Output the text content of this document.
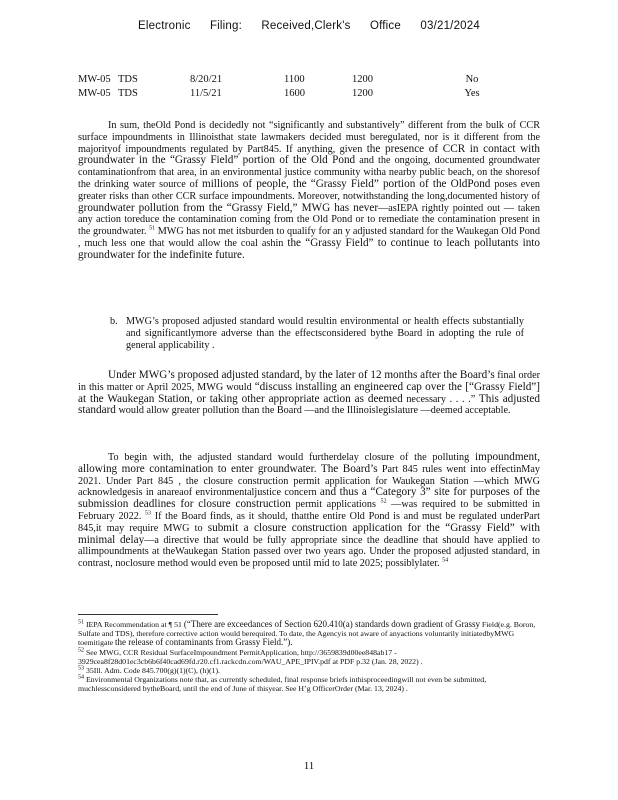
Electronic Filing: Received,Clerk's Office 03/21/2024
MW-05	TDS	8/20/21	1100	1200	No
MW-05	TDS	11/5/21	1600	1200	Yes

In sum, theOld Pond is decidedly not “significantly and substantively” different from the bulk of CCR surface impoundments in Illinoisthat state lawmakers decided must beregulated, nor is it different from the majorityof impoundments regulated by Part845. If anything, given the presence of CCR in contact with groundwater in the “Grassy Field” portion of the Old Pond and the ongoing, documented groundwater contaminationfrom that area, in an environmental justice community witha nearby public beach, on the shoresof the drinking water source of millions of people, the “Grassy Field” portion of the OldPond poses even greater risks than other CCR surface impoundments. Moreover, notwithstanding the long,documented history of groundwater pollution from the “Grassy Field,” MWG has never—asIEPA rightly pointed out — taken any action toreduce the contamination coming from the Old Pond or to remediate the contamination present in the groundwater. $^{51}$ MWG has not met itsburden to qualify for an y adjusted standard for the Waukegan Old Pond , much less one that would allow the coal ashin the “Grassy Field” to continue to leach pollutants into groundwater for the indefinite future.

b. MWG’s proposed adjusted standard would resultin environmental or health effects substantially and significantlymore adverse than the effectsconsidered bythe Board in adopting the rule of general applicability .

Under MWG’s proposed adjusted standard, by the later of 12 months after the Board’s final order in this matter or April 2025, MWG would “discuss installing an engineered cap over the [“Grassy Field”] at the Waukegan Station, or taking other appropriate action as deemed necessary . . . .” This adjusted standard would allow greater pollution than the Board —and the Illinoislegislature —deemed acceptable.

To begin with, the adjusted standard would furtherdelay closure of the polluting impoundment, allowing more contamination to enter groundwater. The Board’s Part 845 rules went into effectinMay 2021. Under Part 845 , the closure construction permit application for Waukegan Station —which MWG acknowledgesis in anareaof environmentaljustice concern and thus a “Category 3” site for purposes of the submission deadlines for closure construction permit applications $^{52}$ —was required to be submitted in February 2022. $^{53}$ If the Board finds, as it should, thatthe entire Old Pond is and must be regulated underPart 845,it may require MWG to submit a closure construction application for the “Grassy Field” with minimal delay—a directive that would be fully appropriate since the deadline that should have applied to allimpoundments at theWaukegan Station passed over two years ago. Under the proposed adjusted standard, in contrast, noclosure method would even be proposed until mid to late 2025; possiblylater. $^{54}$

$^{51}$ IEPA Recommendation at ¶ 51 (“There are exceedances of Section 620.410(a) standards down gradient of Grassy Field(e.g. Boron, Sulfate and TDS), therefore corrective action would berequired. To date, the Agencyis not aware of anyactions voluntarily initiatedbyMWG toemitigate the release of contaminants from Grassy Field.”).
$^{52}$ See MWG, CCR Residual SurfaceImpoundment PermitApplication, http://3659839d00ee848ab17 - 3929cea8f28d01ec3cb6b6f40cad69fd.r20.cf1.rackcdn.com/WAU_APE_IPIV.pdf at PDF p.32 (Jan. 28, 2022) .
$^{53}$ 35Ill. Adm. Code 845.700(g)(1)(C), (h)(1).
$^{54}$ Environmental Organizations note that, as currently scheduled, final response briefs inthisproceedingwill not even be submitted, muchlessconsidered bytheBoard, until the end of June of thisyear. See H’g OfficerOrder (Mar. 13, 2024) .
11
